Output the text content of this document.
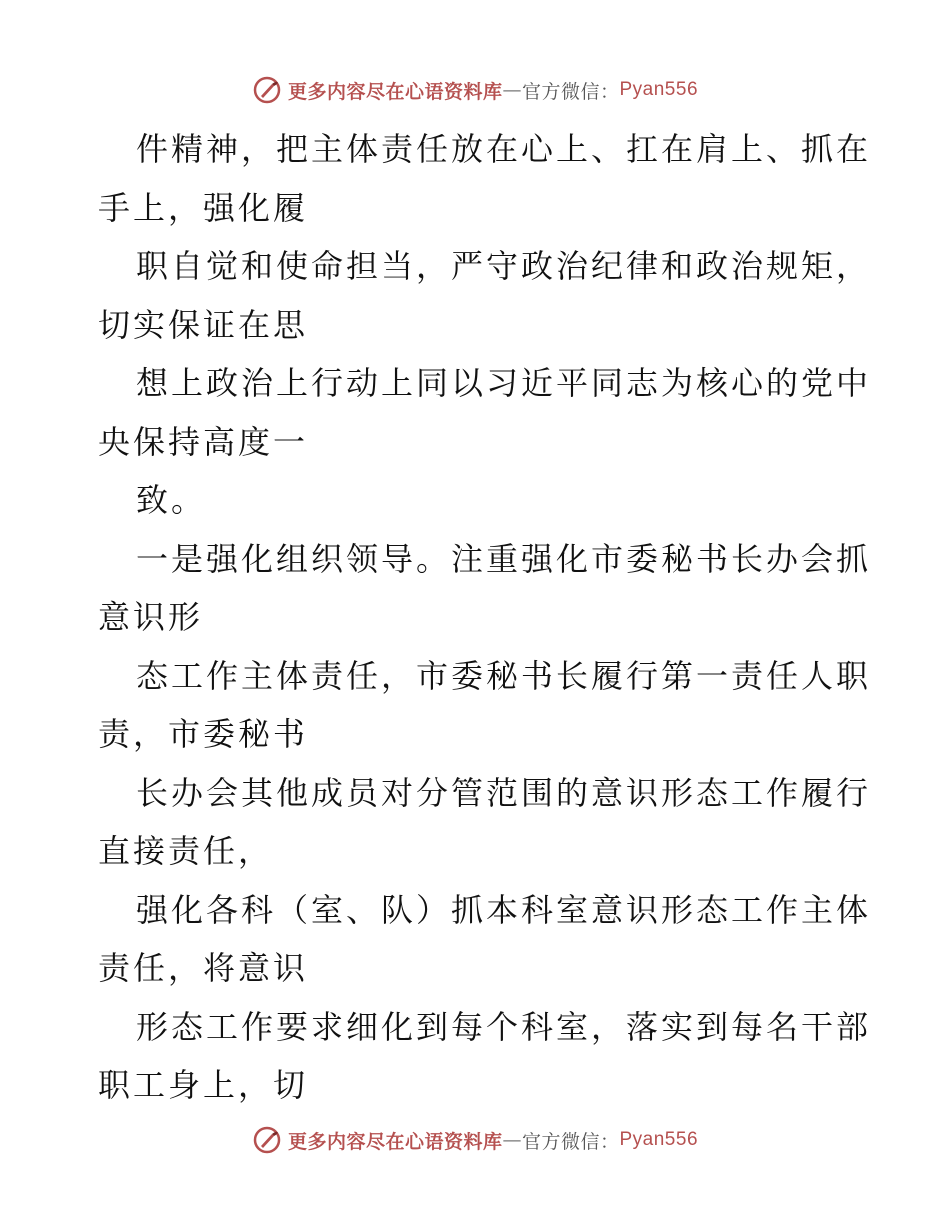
更多内容尽在心语资料库 — 官方微信： Pyan556
件精神，把主体责任放在心上、扛在肩上、抓在
手上，强化履
职自觉和使命担当，严守政治纪律和政治规矩，
切实保证在思
想上政治上行动上同以习近平同志为核心的党中
央保持高度一
致。
一是强化组织领导。注重强化市委秘书长办会抓
意识形
态工作主体责任，市委秘书长履行第一责任人职
责，市委秘书
长办会其他成员对分管范围的意识形态工作履行
直接责任，
强化各科（室、队）抓本科室意识形态工作主体
责任，将意识
形态工作要求细化到每个科室，落实到每名干部
职工身上，切
更多内容尽在心语资料库 — 官方微信： Pyan556
